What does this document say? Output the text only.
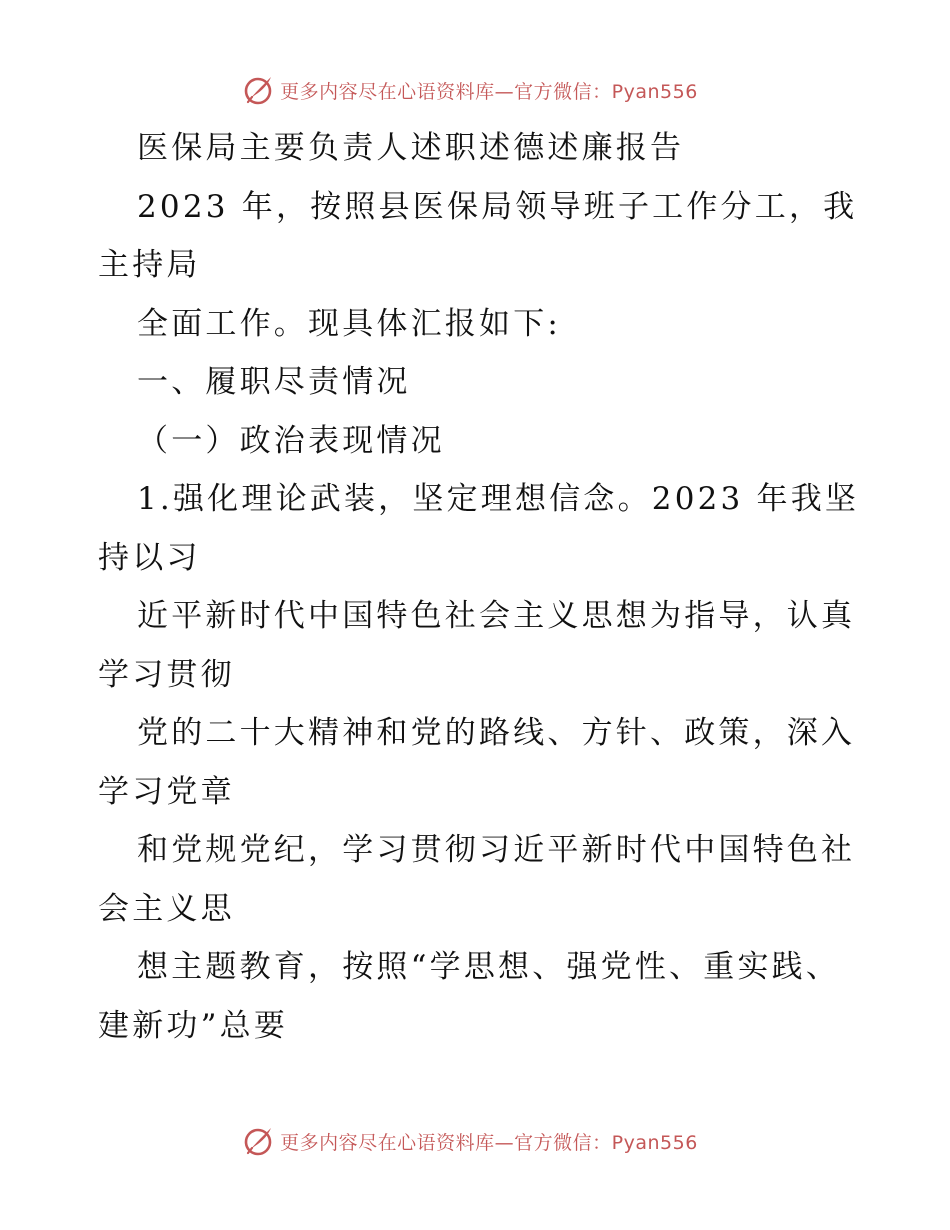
更多内容尽在心语资料库—官方微信：Pyan556

医保局主要负责人述职述德述廉报告

2023 年，按照县医保局领导班子工作分工，我

主持局

全面工作。现具体汇报如下:

一、履职尽责情况

（一）政治表现情况

1.强化理论武装，坚定理想信念。2023 年我坚

持以习

近平新时代中国特色社会主义思想为指导，认真

学习贯彻

党的二十大精神和党的路线、方针、政策，深入

学习党章

和党规党纪，学习贯彻习近平新时代中国特色社

会主义思

想主题教育，按照“学思想、强党性、重实践、

建新功”总要

更多内容尽在心语资料库—官方微信：Pyan556
